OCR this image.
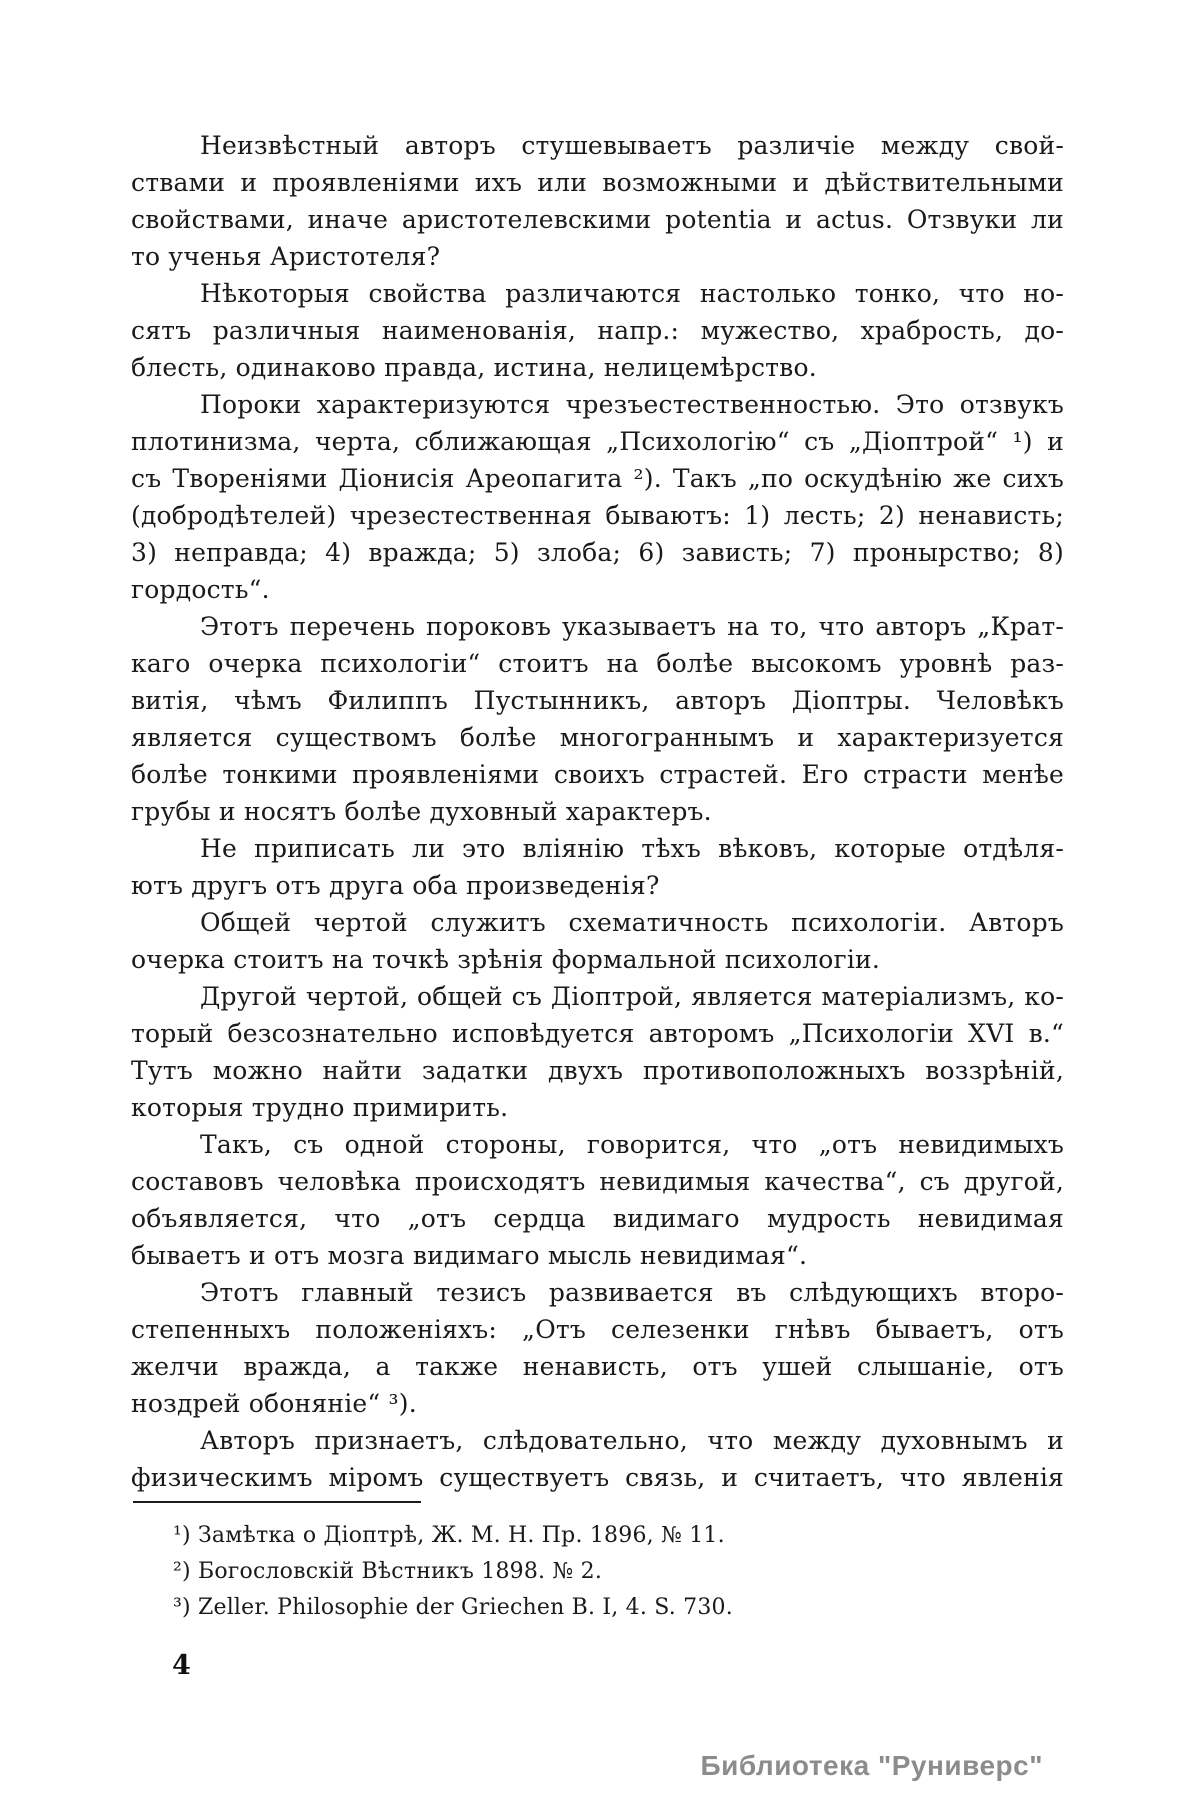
Неизвѣстный авторъ стушевываетъ различіе между свой-
ствами и проявленіями ихъ или возможными и дѣйствительными
свойствами, иначе аристотелевскими potentia и actus. Отзвуки ли
то ученья Аристотеля?
Нѣкоторыя свойства различаются настолько тонко, что но-
сятъ различныя наименованія, напр.: мужество, храбрость, до-
блесть, одинаково правда, истина, нелицемѣрство.
Пороки характеризуются чрезъестественностью. Это отзвукъ
плотинизма, черта, сближающая „Психологію“ съ „Діоптрой“ ¹) и
съ Твореніями Діонисія Ареопагита ²). Такъ „по оскудѣнію же сихъ
(добродѣтелей) чрезестественная бываютъ: 1) лесть; 2) ненависть;
3) неправда; 4) вражда; 5) злоба; 6) зависть; 7) пронырство; 8)
гордость“.
Этотъ перечень пороковъ указываетъ на то, что авторъ „Крат-
каго очерка психологіи“ стоитъ на болѣе высокомъ уровнѣ раз-
витія, чѣмъ Филиппъ Пустынникъ, авторъ Діоптры. Человѣкъ
является существомъ болѣе многограннымъ и характеризуется
болѣе тонкими проявленіями своихъ страстей. Его страсти менѣе
грубы и носятъ болѣе духовный характеръ.
Не приписать ли это вліянію тѣхъ вѣковъ, которые отдѣля-
ютъ другъ отъ друга оба произведенія?
Общей чертой служитъ схематичность психологіи. Авторъ
очерка стоитъ на точкѣ зрѣнія формальной психологіи.
Другой чертой, общей съ Діоптрой, является матеріализмъ, ко-
торый безсознательно исповѣдуется авторомъ „Психологіи XVI в.“
Тутъ можно найти задатки двухъ противоположныхъ воззрѣній,
которыя трудно примирить.
Такъ, съ одной стороны, говорится, что „отъ невидимыхъ
составовъ человѣка происходятъ невидимыя качества“, съ другой,
объявляется, что „отъ сердца видимаго мудрость невидимая
бываетъ и отъ мозга видимаго мысль невидимая“.
Этотъ главный тезисъ развивается въ слѣдующихъ второ-
степенныхъ положеніяхъ: „Отъ селезенки гнѣвъ бываетъ, отъ
желчи вражда, а также ненависть, отъ ушей слышаніе, отъ
ноздрей обоняніе“ ³).
Авторъ признаетъ, слѣдовательно, что между духовнымъ и
физическимъ міромъ существуетъ связь, и считаетъ, что явленія
¹) Замѣтка о Діоптрѣ, Ж. М. Н. Пр. 1896, № 11.
²) Богословскій Вѣстникъ 1898. № 2.
³) Zeller. Philosophie der Griechen B. I, 4. S. 730.
4
Библиотека "Руниверс"
